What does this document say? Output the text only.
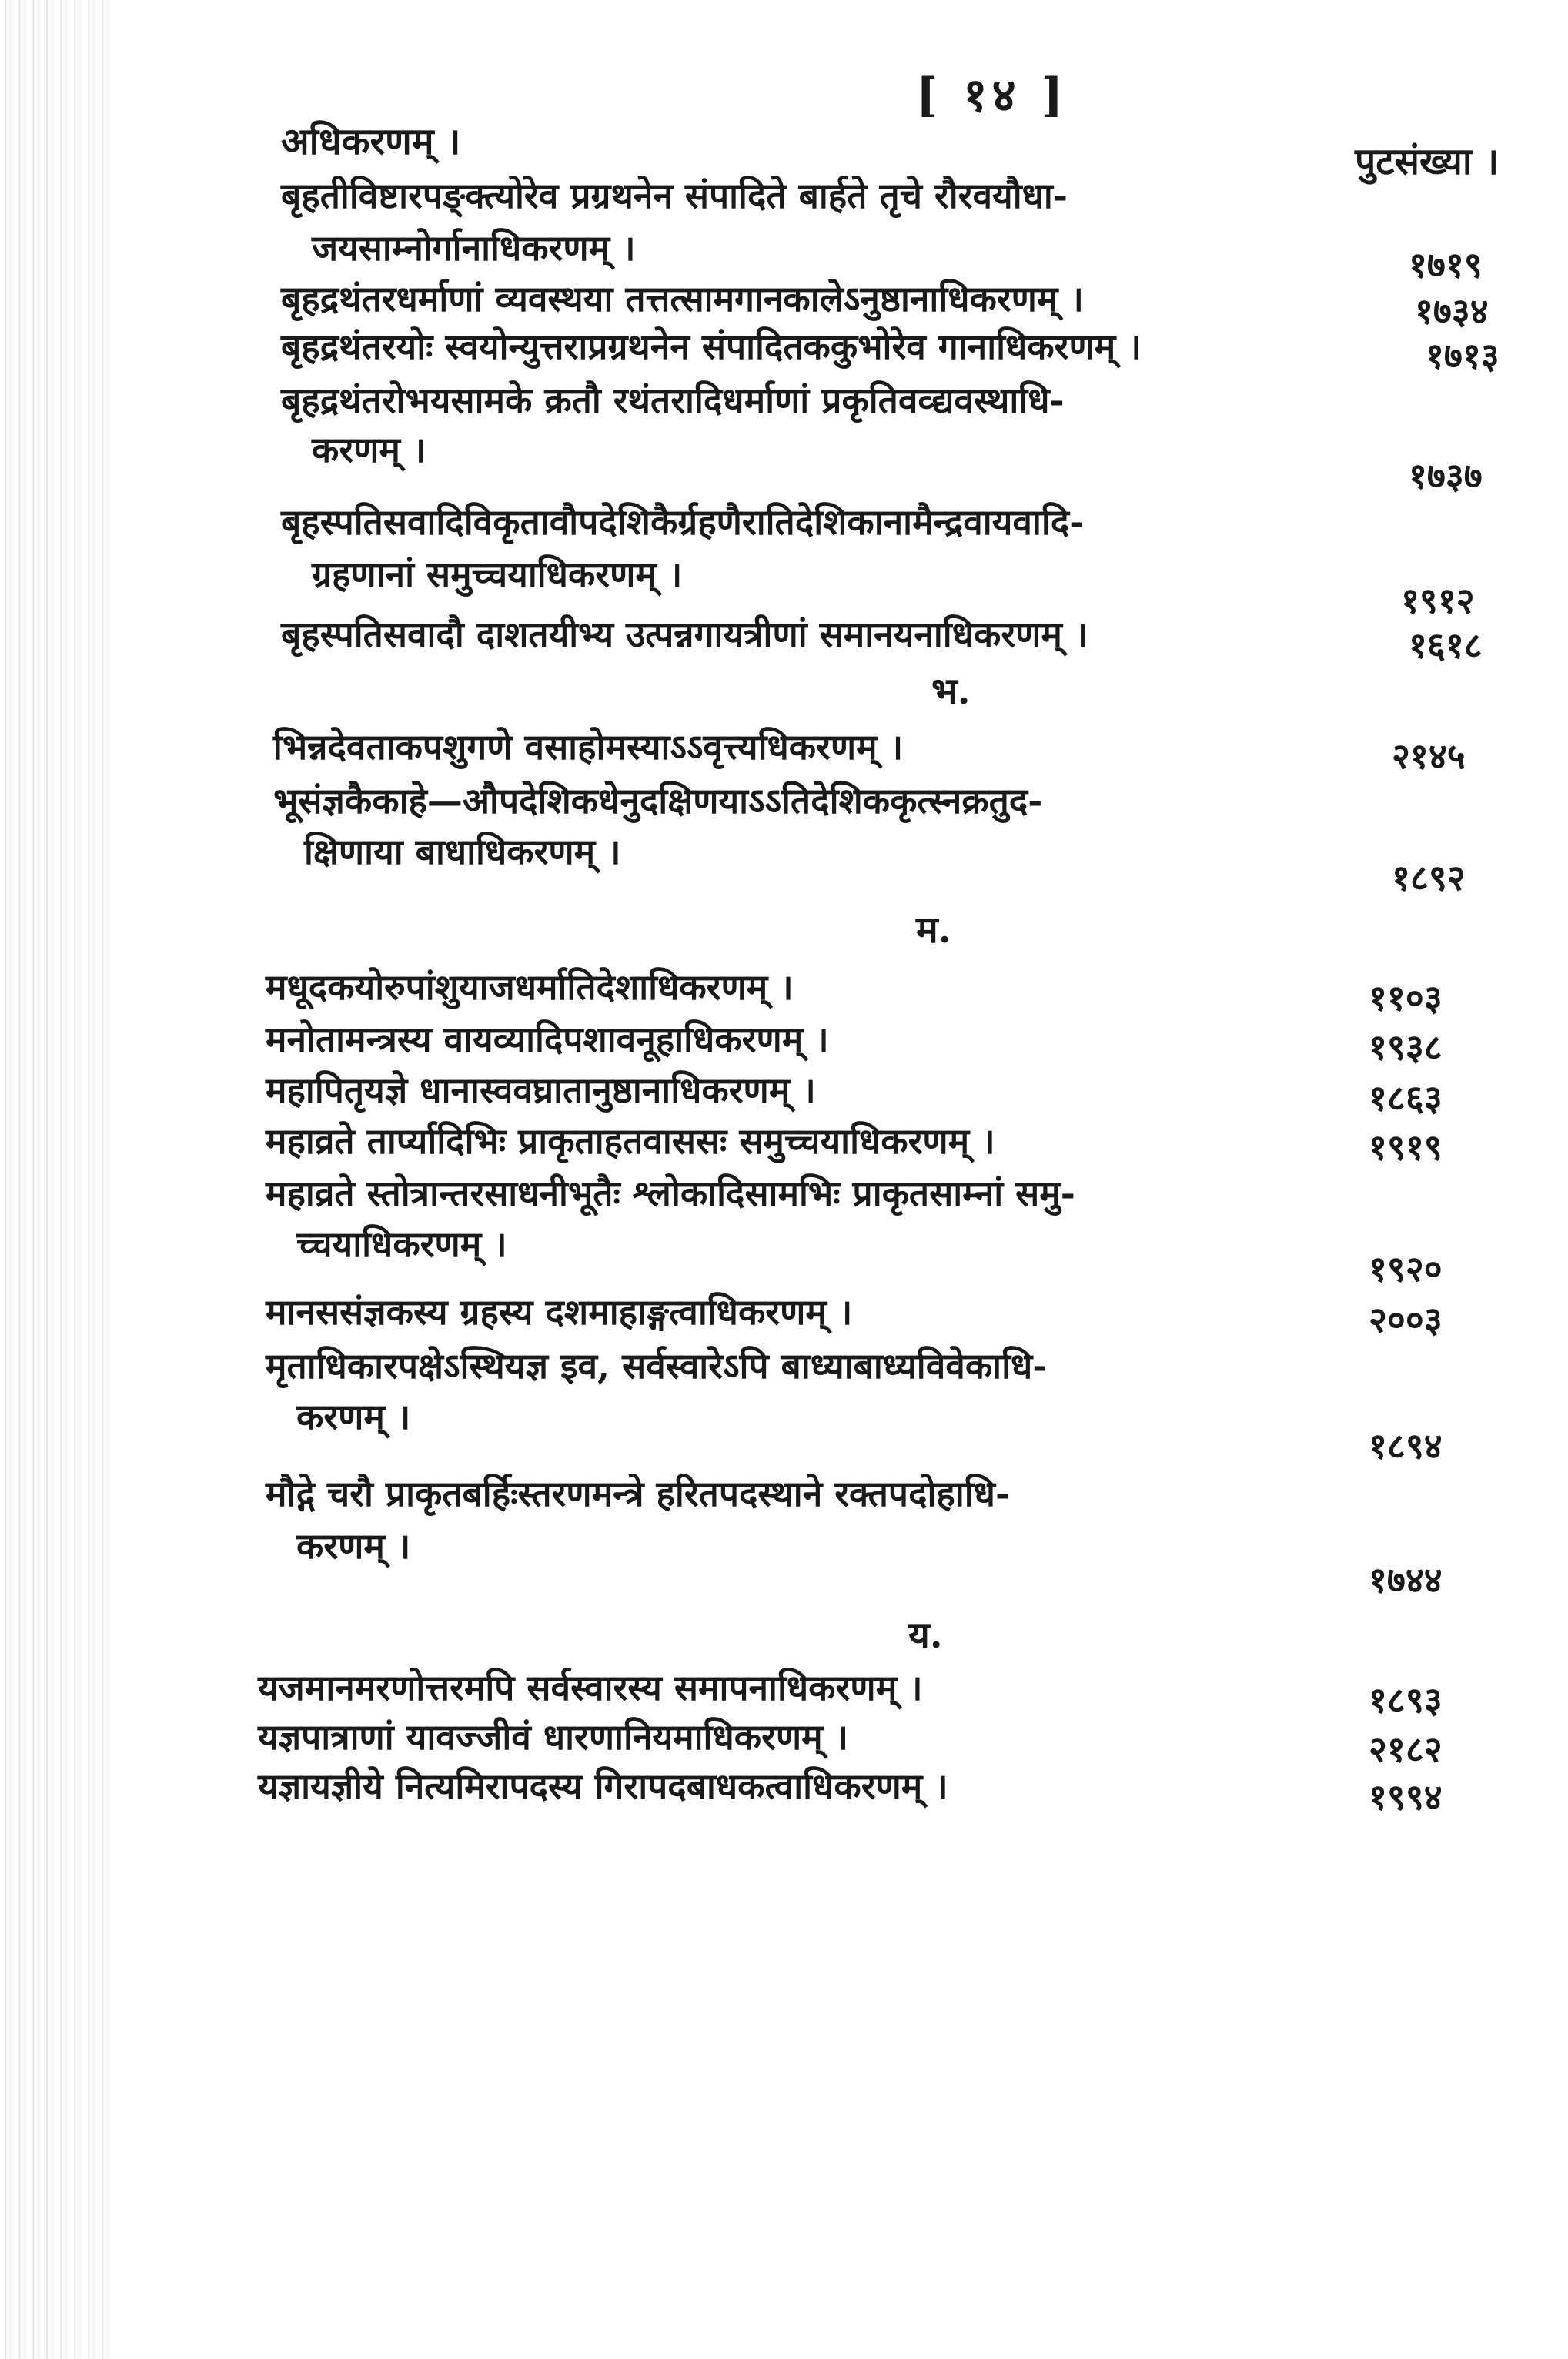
[ १४ ]
अधिकरणम् ।	पुटसंख्या ।
बृहतीविष्टारपङ्क्त्योरेव प्रग्रथनेन संपादिते बार्हते तृचे रौरवयौधा-
जयसाम्नोर्गानाधिकरणम् ।	१७१९
बृहद्रथंतरधर्माणां व्यवस्थया तत्तत्सामगानकालेऽनुष्ठानाधिकरणम् ।	१७३४
बृहद्रथंतरयोः स्वयोन्युत्तराप्रग्रथनेन संपादितककुभोरेव गानाधिकरणम् ।	१७१३
बृहद्रथंतरोभयसामके क्रतौ रथंतरादिधर्माणां प्रकृतिवव्द्यवस्थाधि-
करणम् ।
१७३७
बृहस्पतिसवादिविकृतावौपदेशिकैर्ग्रहणैरातिदेशिकानामैन्द्रवायवादि-
ग्रहणानां समुच्चयाधिकरणम् ।
१९१२
बृहस्पतिसवादौ दाशतयीभ्य उत्पन्नगायत्रीणां समानयनाधिकरणम् ।	१६१८
भ.
भिन्नदेवताकपशुगणे वसाहोमस्याऽऽवृत्त्यधिकरणम् ।	२१४५
भूसंज्ञकैकाहे—औपदेशिकधेनुदक्षिणयाऽऽतिदेशिककृत्स्नक्रतुद-
क्षिणाया बाधाधिकरणम् ।
१८९२
म.
मधूदकयोरुपांशुयाजधर्मातिदेशाधिकरणम् ।	११०३
मनोतामन्त्रस्य वायव्यादिपशावनूहाधिकरणम् ।	१९३८
महापितृयज्ञे धानास्ववघ्रातानुष्ठानाधिकरणम् ।	१८६३
महाव्रते तार्प्यादिभिः प्राकृताहतवाससः समुच्चयाधिकरणम् ।	१९१९
महाव्रते स्तोत्रान्तरसाधनीभूतैः श्लोकादिसामभिः प्राकृतसाम्नां समु-
च्चयाधिकरणम् ।
१९२०
मानससंज्ञकस्य ग्रहस्य दशमाहाङ्गत्वाधिकरणम् ।	२००३
मृताधिकारपक्षेऽस्थियज्ञ इव, सर्वस्वारेऽपि बाध्याबाध्यविवेकाधि-
करणम् ।
१८९४
मौद्गे चरौ प्राकृतबर्हिःस्तरणमन्त्रे हरितपदस्थाने रक्तपदोहाधि-
करणम् ।
१७४४
य.
यजमानमरणोत्तरमपि सर्वस्वारस्य समापनाधिकरणम् ।	१८९३
यज्ञपात्राणां यावज्जीवं धारणानियमाधिकरणम् ।	२१८२
यज्ञायज्ञीये नित्यमिरापदस्य गिरापदबाधकत्वाधिकरणम् ।	१९९४
